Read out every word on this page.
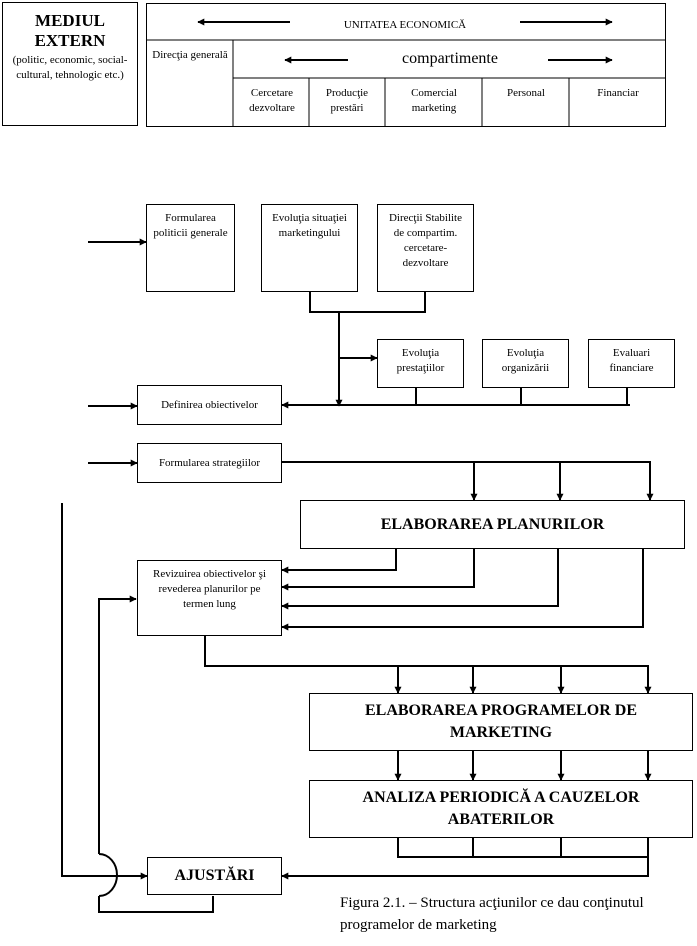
MEDIUL EXTERN
(politic, economic, social-cultural, tehnologic etc.)
UNITATEA ECONOMICĂ
Direcţia generală	compartimente
Cercetare dezvoltare
Producţie prestări
Comercial marketing
Personal	Financiar
Formularea politicii generale
Evoluţia situaţiei marketingului
Direcţii Stabilite de compartim. cercetare-dezvoltare
Evoluţia prestaţiilor
Evoluţia organizării
Evaluari financiare
Definirea obiectivelor
Formularea strategiilor
ELABORAREA PLANURILOR
Revizuirea obiectivelor şi revederea planurilor pe termen lung
ELABORAREA PROGRAMELOR DE MARKETING
ANALIZA PERIODICĂ A CAUZELOR ABATERILOR
AJUSTĂRI
Figura 2.1. – Structura acţiunilor ce dau conţinutul programelor de marketing
